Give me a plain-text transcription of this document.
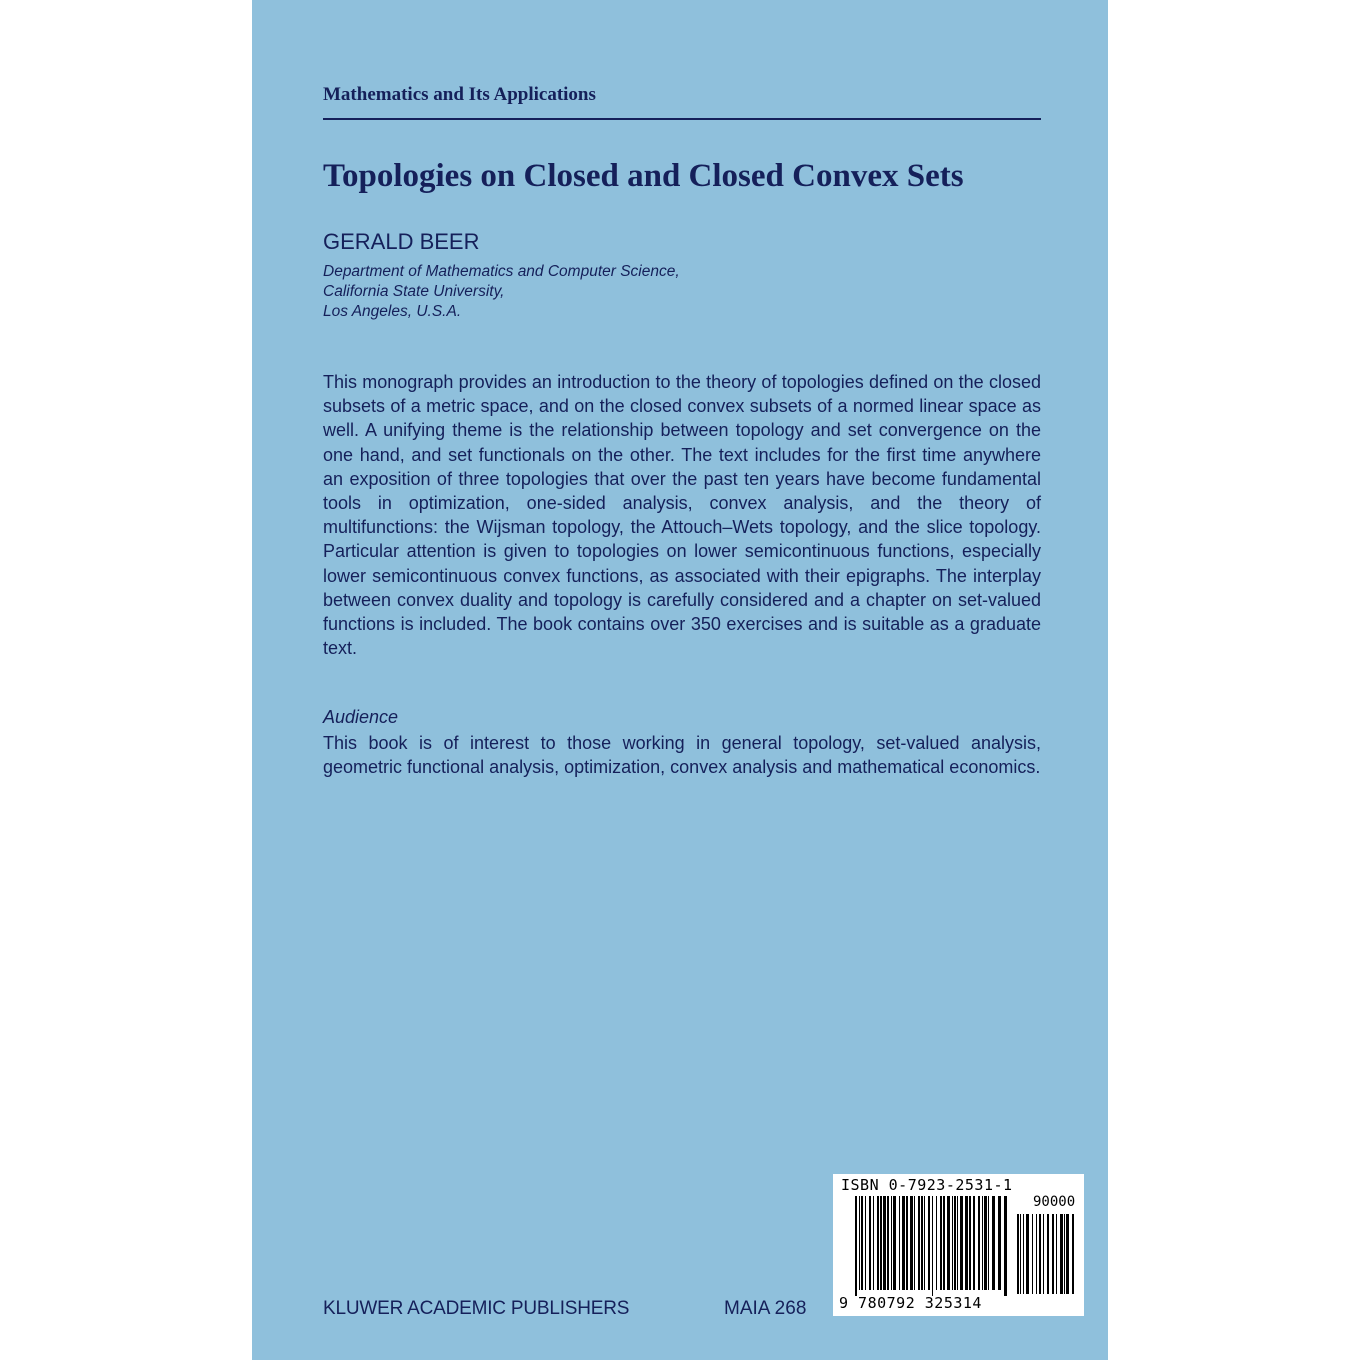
Mathematics and Its Applications
Topologies on Closed and Closed Convex Sets
GERALD BEER
Department of Mathematics and Computer Science,
California State University,
Los Angeles, U.S.A.
This monograph provides an introduction to the theory of topologies defined on the closed subsets of a metric space, and on the closed convex subsets of a normed linear space as well. A unifying theme is the relationship between topology and set convergence on the one hand, and set functionals on the other. The text includes for the first time anywhere an exposition of three topologies that over the past ten years have become fundamental tools in optimization, one-sided analysis, convex analysis, and the theory of multifunctions: the Wijsman topology, the Attouch–Wets topology, and the slice topology. Particular attention is given to topologies on lower semicontinuous functions, especially lower semicontinuous convex functions, as associated with their epigraphs. The interplay between convex duality and topology is carefully considered and a chapter on set-valued functions is included. The book contains over 350 exercises and is suitable as a graduate text.
Audience
This book is of interest to those working in general topology, set-valued analysis, geometric functional analysis, optimization, convex analysis and mathematical economics.
KLUWER ACADEMIC PUBLISHERS	MAIA 268
ISBN 0-7923-2531-1
90000
9 780792 325314
